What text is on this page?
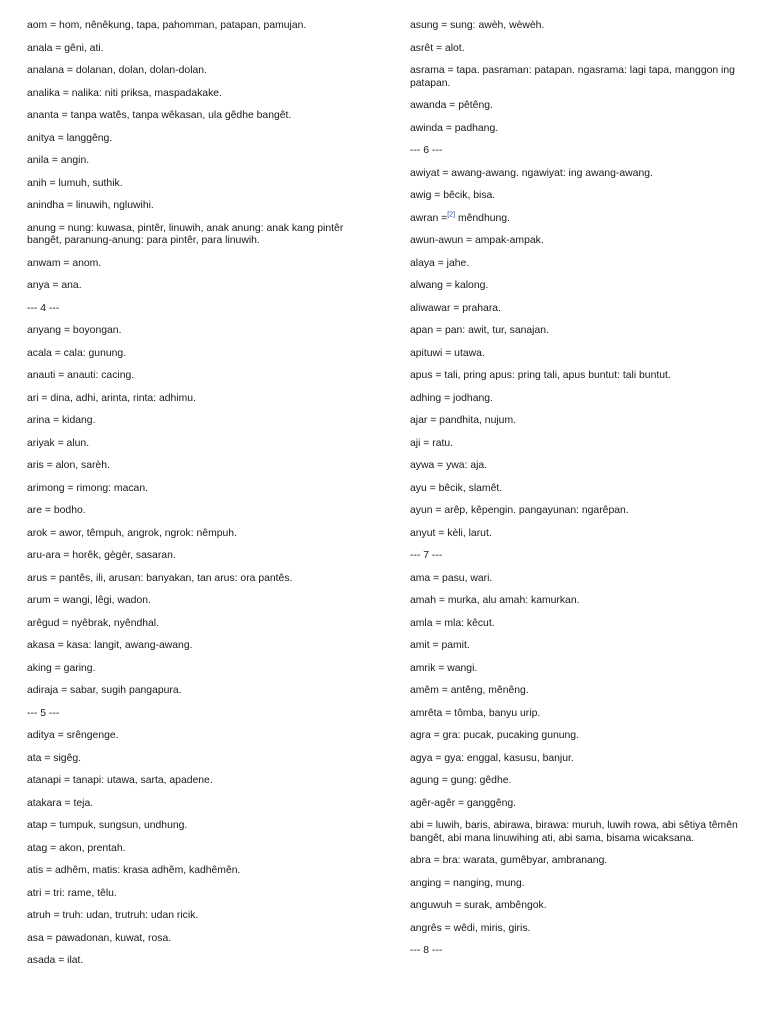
aom = hom, nênêkung, tapa, pahomman, patapan, pamujan.
anala = gêni, ati.
analana = dolanan, dolan, dolan-dolan.
analika = nalika: niti priksa, maspadakake.
ananta = tanpa watês, tanpa wêkasan, ula gêdhe bangêt.
anitya = langgêng.
anila = angin.
anih = lumuh, suthik.
anindha = linuwih, ngluwihi.
anung = nung: kuwasa, pintêr, linuwih, anak anung: anak kang pintêr bangêt, paranung-anung: para pintêr, para linuwih.
anwam = anom.
anya = ana.
--- 4 ---
anyang = boyongan.
acala = cala: gunung.
anauti = anauti: cacing.
ari = dina, adhi, arinta, rinta: adhimu.
arina = kidang.
ariyak = alun.
aris = alon, sarèh.
arimong = rimong: macan.
are = bodho.
arok = awor, têmpuh, angrok, ngrok: nêmpuh.
aru-ara = horêk, gègèr, sasaran.
arus = pantês, ili, arusan: banyakan, tan arus: ora pantês.
arum = wangi, lêgi, wadon.
arêgud = nyêbrak, nyêndhal.
akasa = kasa: langit, awang-awang.
aking = garing.
adiraja = sabar, sugih pangapura.
--- 5 ---
aditya = srêngenge.
ata = sigêg.
atanapi = tanapi: utawa, sarta, apadene.
atakara = teja.
atap = tumpuk, sungsun, undhung.
atag = akon, prentah.
atis = adhêm, matis: krasa adhêm, kadhêmên.
atri = tri: rame, têlu.
atruh = truh: udan, trutruh: udan ricik.
asa = pawadonan, kuwat, rosa.
asada = ilat.
asung = sung: awèh, wèwèh.
asrêt = alot.
asrama = tapa. pasraman: patapan. ngasrama: lagi tapa, manggon ing patapan.
awanda = pêtêng.
awinda = padhang.
--- 6 ---
awiyat = awang-awang. ngawiyat: ing awang-awang.
awig = bêcik, bisa.
awran =[2] mêndhung.
awun-awun = ampak-ampak.
alaya = jahe.
alwang = kalong.
aliwawar = prahara.
apan = pan: awit, tur, sanajan.
apituwi = utawa.
apus = tali, pring apus: pring tali, apus buntut: tali buntut.
adhing = jodhang.
ajar = pandhita, nujum.
aji = ratu.
aywa = ywa: aja.
ayu = bêcik, slamêt.
ayun = arêp, kêpengin. pangayunan: ngarêpan.
anyut = kèli, larut.
--- 7 ---
ama = pasu, wari.
amah = murka, alu amah: kamurkan.
amla = mla: kêcut.
amit = pamit.
amrik = wangi.
amêm = antêng, mênêng.
amrêta = tômba, banyu urip.
agra = gra: pucak, pucaking gunung.
agya = gya: enggal, kasusu, banjur.
agung = gung: gêdhe.
agêr-agêr = ganggêng.
abi = luwih, baris, abirawa, birawa: muruh, luwih rowa, abi sêtiya têmên bangêt, abi mana linuwihing ati, abi sama, bisama wicaksana.
abra = bra: warata, gumêbyar, ambranang.
anging = nanging, mung.
anguwuh = surak, ambêngok.
angrês = wêdi, miris, giris.
--- 8 ---
